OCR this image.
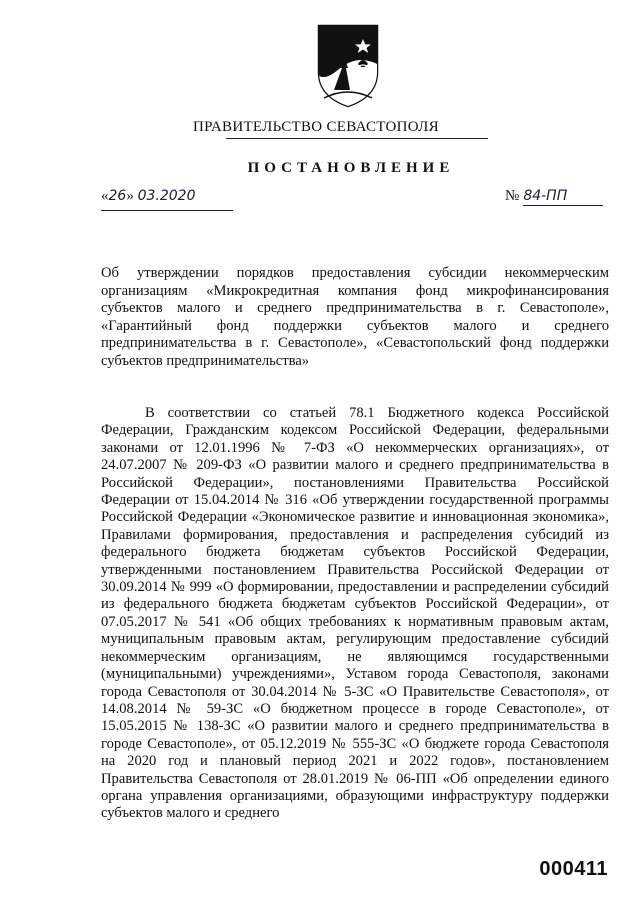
ПРАВИТЕЛЬСТВО СЕВАСТОПОЛЯ
ПОСТАНОВЛЕНИЕ
«26» 03.2020	№ 84-ПП
Об утверждении порядков предоставления субсидии некоммерческим организациям «Микрокредитная компания фонд микрофинансирования субъектов малого и среднего предпринимательства в г. Севастополе», «Гарантийный фонд поддержки субъектов малого и среднего предпринимательства в г. Севастополе», «Севастопольский фонд поддержки субъектов предпринимательства»
В соответствии со статьей 78.1 Бюджетного кодекса Российской Федерации, Гражданским кодексом Российской Федерации, федеральными законами от 12.01.1996 № 7-ФЗ «О некоммерческих организациях», от 24.07.2007 № 209-ФЗ «О развитии малого и среднего предпринимательства в Российской Федерации», постановлениями Правительства Российской Федерации от 15.04.2014 № 316 «Об утверждении государственной программы Российской Федерации «Экономическое развитие и инновационная экономика», Правилами формирования, предоставления и распределения субсидий из федерального бюджета бюджетам субъектов Российской Федерации, утвержденными постановлением Правительства Российской Федерации от 30.09.2014 № 999 «О формировании, предоставлении и распределении субсидий из федерального бюджета бюджетам субъектов Российской Федерации», от 07.05.2017 № 541 «Об общих требованиях к нормативным правовым актам, муниципальным правовым актам, регулирующим предоставление субсидий некоммерческим организациям, не являющимся государственными (муниципальными) учреждениями», Уставом города Севастополя, законами города Севастополя от 30.04.2014 № 5-ЗС «О Правительстве Севастополя», от 14.08.2014 № 59-ЗС «О бюджетном процессе в городе Севастополе», от 15.05.2015 № 138-ЗС «О развитии малого и среднего предпринимательства в городе Севастополе», от 05.12.2019 № 555-ЗС «О бюджете города Севастополя на 2020 год и плановый период 2021 и 2022 годов», постановлением Правительства Севастополя от 28.01.2019 № 06-ПП «Об определении единого органа управления организациями, образующими инфраструктуру поддержки субъектов малого и среднего
000411
